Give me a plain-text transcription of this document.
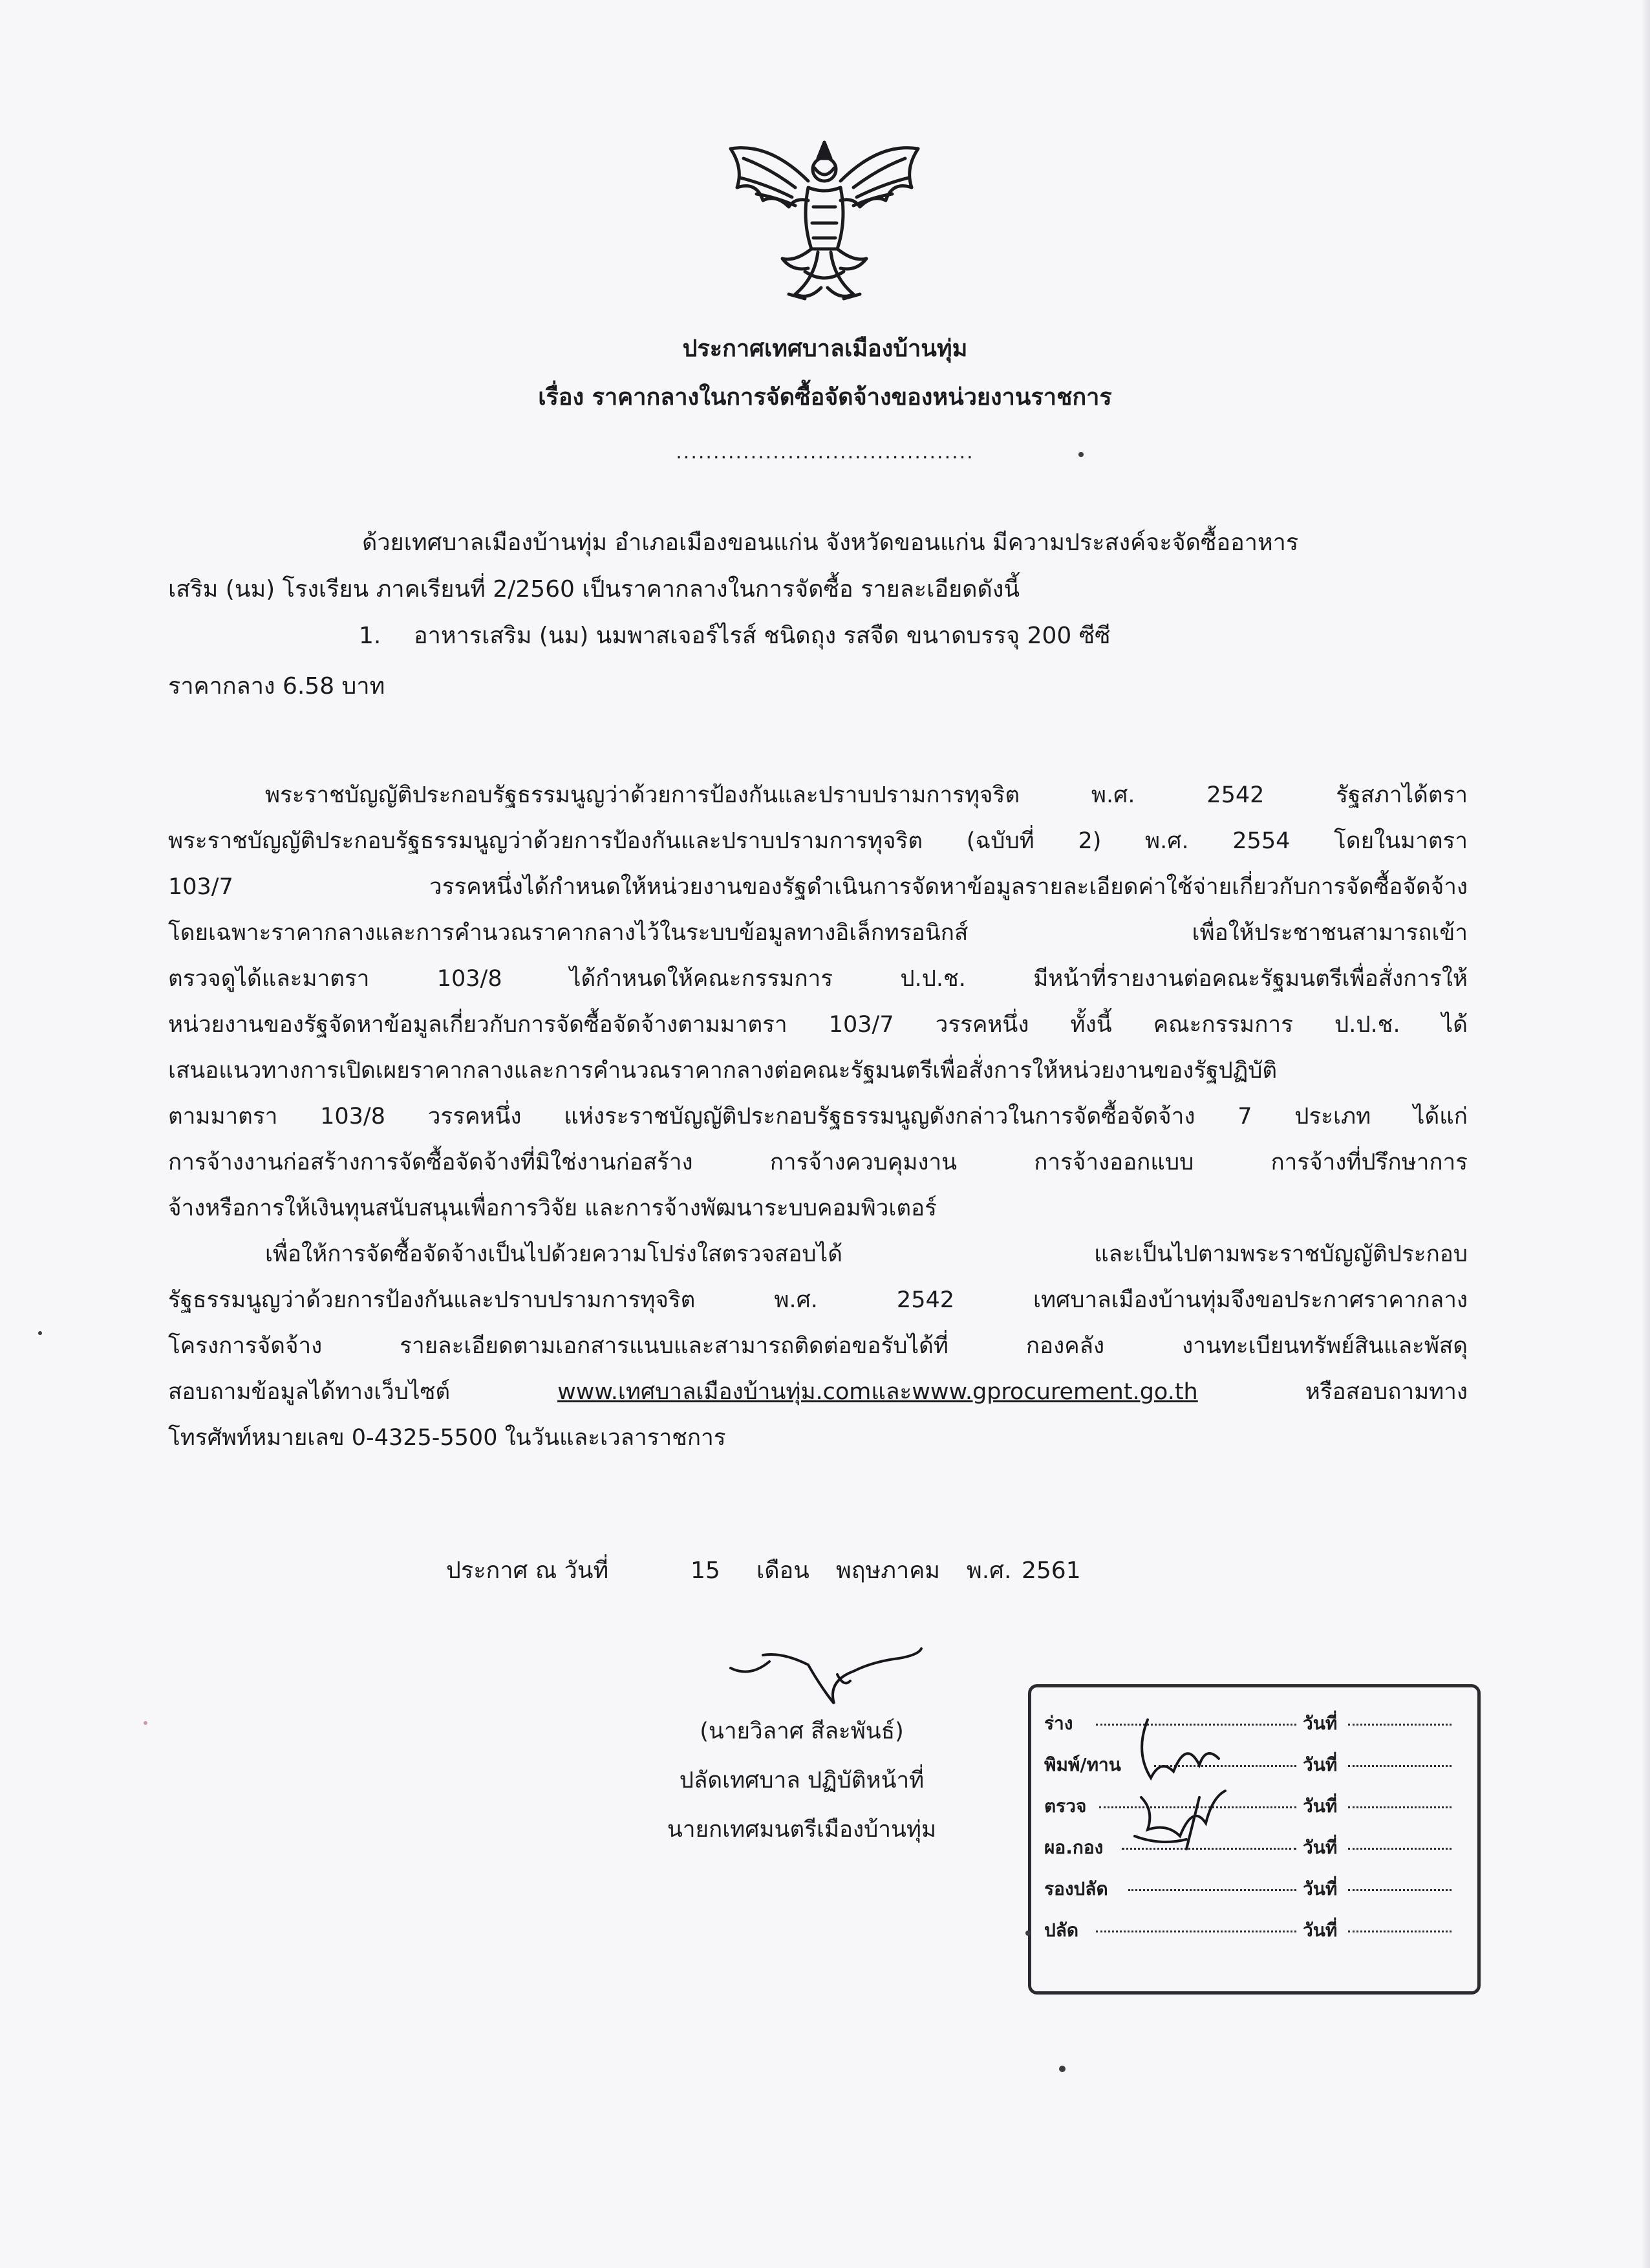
ประกาศเทศบาลเมืองบ้านทุ่ม
เรื่อง ราคากลางในการจัดซื้อจัดจ้างของหน่วยงานราชการ
........................................
ด้วยเทศบาลเมืองบ้านทุ่ม อำเภอเมืองขอนแก่น จังหวัดขอนแก่น มีความประสงค์จะจัดซื้ออาหาร
เสริม (นม) โรงเรียน ภาคเรียนที่ 2/2560 เป็นราคากลางในการจัดซื้อ รายละเอียดดังนี้
1. อาหารเสริม (นม) นมพาสเจอร์ไรส์ ชนิดถุง รสจืด ขนาดบรรจุ 200 ซีซี
ราคากลาง 6.58 บาท
พระราชบัญญัติประกอบรัฐธรรมนูญว่าด้วยการป้องกันและปราบปรามการทุจริต พ.ศ. 2542 รัฐสภาได้ตรา
พระราชบัญญัติประกอบรัฐธรรมนูญว่าด้วยการป้องกันและปราบปรามการทุจริต (ฉบับที่ 2) พ.ศ. 2554 โดยในมาตรา
103/7 วรรคหนึ่งได้กำหนดให้หน่วยงานของรัฐดำเนินการจัดหาข้อมูลรายละเอียดค่าใช้จ่ายเกี่ยวกับการจัดซื้อจัดจ้าง
โดยเฉพาะราคากลางและการคำนวณราคากลางไว้ในระบบข้อมูลทางอิเล็กทรอนิกส์ เพื่อให้ประชาชนสามารถเข้า
ตรวจดูได้และมาตรา 103/8 ได้กำหนดให้คณะกรรมการ ป.ป.ช. มีหน้าที่รายงานต่อคณะรัฐมนตรีเพื่อสั่งการให้
หน่วยงานของรัฐจัดหาข้อมูลเกี่ยวกับการจัดซื้อจัดจ้างตามมาตรา 103/7 วรรคหนึ่ง ทั้งนี้ คณะกรรมการ ป.ป.ช. ได้
เสนอแนวทางการเปิดเผยราคากลางและการคำนวณราคากลางต่อคณะรัฐมนตรีเพื่อสั่งการให้หน่วยงานของรัฐปฏิบัติ
ตามมาตรา 103/8 วรรคหนึ่ง แห่งระราชบัญญัติประกอบรัฐธรรมนูญดังกล่าวในการจัดซื้อจัดจ้าง 7 ประเภท ได้แก่
การจ้างงานก่อสร้างการจัดซื้อจัดจ้างที่มิใช่งานก่อสร้าง การจ้างควบคุมงาน การจ้างออกแบบ การจ้างที่ปรึกษาการ
จ้างหรือการให้เงินทุนสนับสนุนเพื่อการวิจัย และการจ้างพัฒนาระบบคอมพิวเตอร์
เพื่อให้การจัดซื้อจัดจ้างเป็นไปด้วยความโปร่งใสตรวจสอบได้ และเป็นไปตามพระราชบัญญัติประกอบ
รัฐธรรมนูญว่าด้วยการป้องกันและปราบปรามการทุจริต พ.ศ. 2542 เทศบาลเมืองบ้านทุ่มจึงขอประกาศราคากลาง
โครงการจัดจ้าง รายละเอียดตามเอกสารแนบและสามารถติดต่อขอรับได้ที่ กองคลัง งานทะเบียนทรัพย์สินและพัสดุ
สอบถามข้อมูลได้ทางเว็บไซต์ www.เทศบาลเมืองบ้านทุ่ม.comและwww.gprocurement.go.th หรือสอบถามทาง
โทรศัพท์หมายเลข 0-4325-5500 ในวันและเวลาราชการ
ประกาศ ณ วันที่	15 เดือน พฤษภาคม พ.ศ. 2561
(นายวิลาศ สีละพันธ์)
ปลัดเทศบาล ปฏิบัติหน้าที่
นายกเทศมนตรีเมืองบ้านทุ่ม
ร่าง	วันที่
พิมพ์/ทาน	วันที่
ตรวจ	วันที่
ผอ.กอง	วันที่
รองปลัด	วันที่
ปลัด	วันที่
